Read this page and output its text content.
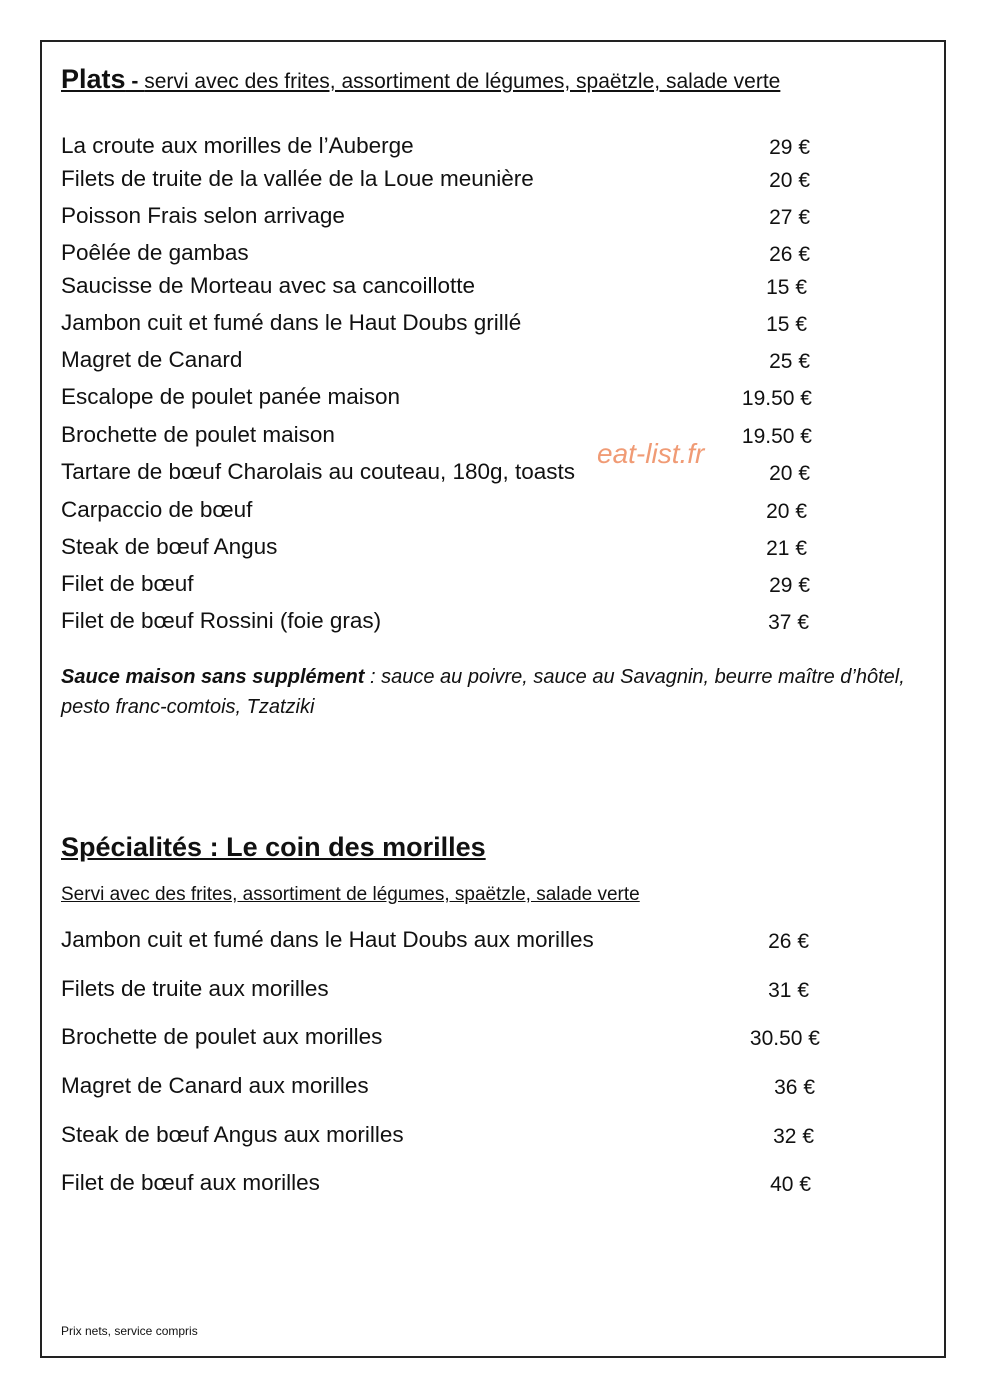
Plats - servi avec des frites, assortiment de légumes, spaëtzle, salade verte
La croute aux morilles de l’Auberge	29 €
Filets de truite de la vallée de la Loue meunière	20 €
Poisson Frais selon arrivage	27 €
Poêlée de gambas	26 €
Saucisse de Morteau avec sa cancoillotte	15 €
Jambon cuit et fumé dans le Haut Doubs grillé	15 €
Magret de Canard	25 €
Escalope de poulet panée maison	19.50 €
Brochette de poulet maison	19.50 €
Tartare de bœuf Charolais au couteau, 180g, toasts	20 €
Carpaccio de bœuf	20 €
Steak de bœuf Angus	21 €
Filet de bœuf	29 €
Filet de bœuf Rossini (foie gras)	37 €
eat-list.fr
Sauce maison sans supplément : sauce au poivre, sauce au Savagnin, beurre maître d’hôtel, pesto franc-comtois, Tzatziki
Spécialités : Le coin des morilles
Servi avec des frites, assortiment de légumes, spaëtzle, salade verte
Jambon cuit et fumé dans le Haut Doubs aux morilles	26 €
Filets de truite aux morilles	31 €
Brochette de poulet aux morilles	30.50 €
Magret de Canard aux morilles	36 €
Steak de bœuf Angus aux morilles	32 €
Filet de bœuf aux morilles	40 €
Prix nets, service compris
